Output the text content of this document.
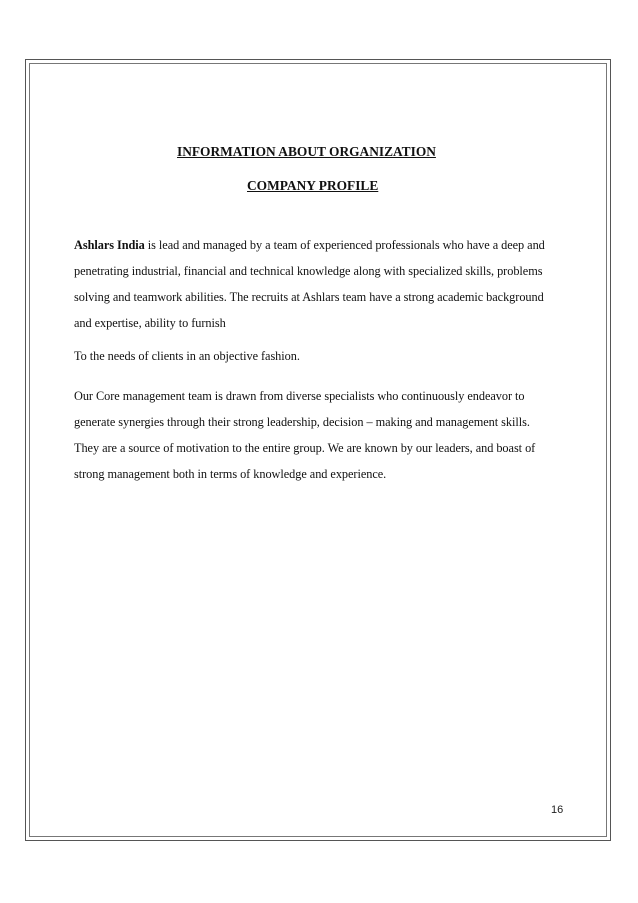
INFORMATION ABOUT ORGANIZATION
COMPANY PROFILE
Ashlars India is lead and managed by a team of experienced professionals who have a deep and
penetrating industrial, financial and technical knowledge along with specialized skills, problems
solving and teamwork abilities. The recruits at Ashlars team have a strong academic background
and expertise, ability to furnish
To the needs of clients in an objective fashion.
Our Core management team is drawn from diverse specialists who continuously endeavor to
generate synergies through their strong leadership, decision – making and management skills.
They are a source of motivation to the entire group. We are known by our leaders, and boast of
strong management both in terms of knowledge and experience.
16
